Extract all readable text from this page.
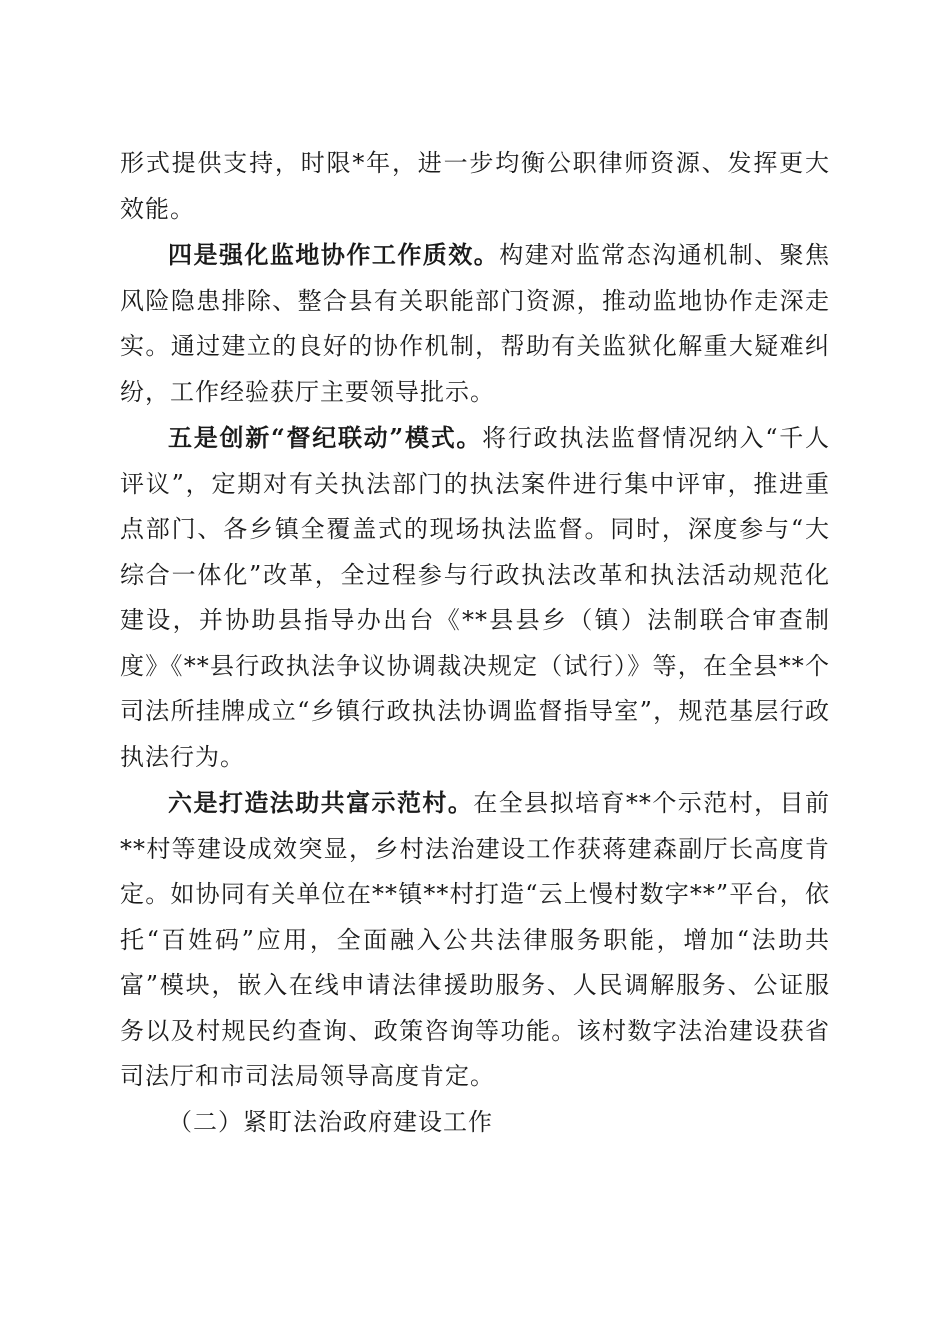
形式提供支持，时限*年，进一步均衡公职律师资源、发挥更大效能。

四是强化监地协作工作质效。构建对监常态沟通机制、聚焦风险隐患排除、整合县有关职能部门资源，推动监地协作走深走实。通过建立的良好的协作机制，帮助有关监狱化解重大疑难纠纷，工作经验获厅主要领导批示。

五是创新“督纪联动”模式。将行政执法监督情况纳入“千人评议”，定期对有关执法部门的执法案件进行集中评审，推进重点部门、各乡镇全覆盖式的现场执法监督。同时，深度参与“大综合一体化”改革，全过程参与行政执法改革和执法活动规范化建设，并协助县指导办出台《**县县乡（镇）法制联合审查制度》《**县行政执法争议协调裁决规定（试行）》等，在全县**个司法所挂牌成立“乡镇行政执法协调监督指导室”，规范基层行政执法行为。

六是打造法助共富示范村。在全县拟培育**个示范村，目前**村等建设成效突显，乡村法治建设工作获蒋建森副厅长高度肯定。如协同有关单位在**镇**村打造“云上慢村数字**”平台，依托“百姓码”应用，全面融入公共法律服务职能，增加“法助共富”模块，嵌入在线申请法律援助服务、人民调解服务、公证服务以及村规民约查询、政策咨询等功能。该村数字法治建设获省司法厅和市司法局领导高度肯定。

（二）紧盯法治政府建设工作
